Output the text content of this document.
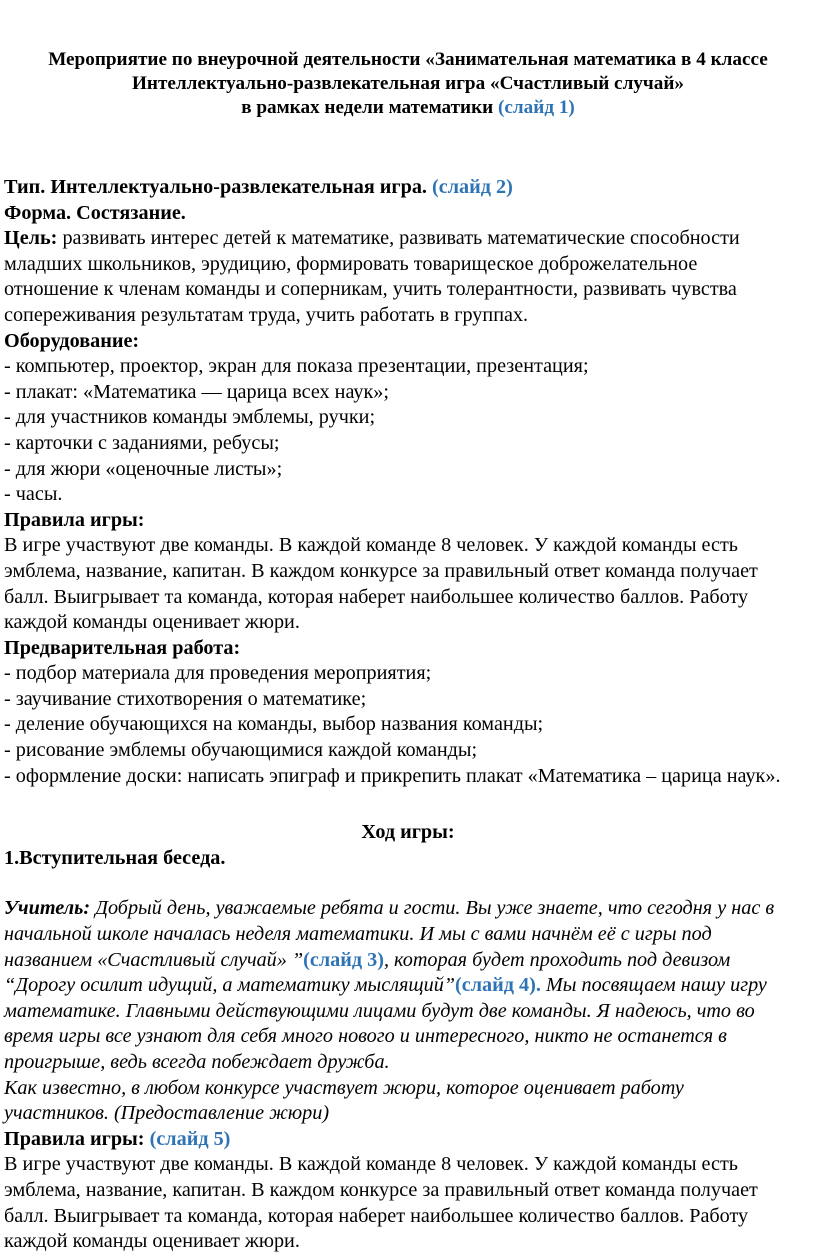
Мероприятие по внеурочной деятельности «Занимательная математика в 4 классе
Интеллектуально-развлекательная игра «Счастливый случай»
в рамках недели математики (слайд 1)
Тип. Интеллектуально-развлекательная игра. (слайд 2)
Форма. Состязание.
Цель: развивать интерес детей к математике, развивать математические способности
младших школьников, эрудицию, формировать товарищеское доброжелательное
отношение к членам команды и соперникам, учить толерантности, развивать чувства
сопереживания результатам труда, учить работать в группах.
Оборудование:
- компьютер, проектор, экран для показа презентации, презентация;
- плакат: «Математика — царица всех наук»;
- для участников команды эмблемы, ручки;
- карточки с заданиями, ребусы;
- для жюри «оценочные листы»;
- часы.
Правила игры:
В игре участвуют две команды. В каждой команде 8 человек. У каждой команды есть
эмблема, название, капитан. В каждом конкурсе за правильный ответ команда получает
балл. Выигрывает та команда, которая наберет наибольшее количество баллов. Работу
каждой команды оценивает жюри.
Предварительная работа:
- подбор материала для проведения мероприятия;
- заучивание стихотворения о математике;
- деление обучающихся на команды, выбор названия команды;
- рисование эмблемы обучающимися каждой команды;
- оформление доски: написать эпиграф и прикрепить плакат «Математика – царица наук».
Ход игры:
1.Вступительная беседа.
Учитель: Добрый день, уважаемые ребята и гости. Вы уже знаете, что сегодня у нас в
начальной школе началась неделя математики. И мы с вами начнём её с игры под
названием «Счастливый случай» ”(слайд 3), которая будет проходить под девизом
“Дорогу осилит идущий, а математику мыслящий”(слайд 4). Мы посвящаем нашу игру
математике. Главными действующими лицами будут две команды. Я надеюсь, что во
время игры все узнают для себя много нового и интересного, никто не останется в
проигрыше, ведь всегда побеждает дружба.
Как известно, в любом конкурсе участвует жюри, которое оценивает работу
участников. (Предоставление жюри)
Правила игры: (слайд 5)
В игре участвуют две команды. В каждой команде 8 человек. У каждой команды есть
эмблема, название, капитан. В каждом конкурсе за правильный ответ команда получает
балл. Выигрывает та команда, которая наберет наибольшее количество баллов. Работу
каждой команды оценивает жюри.
